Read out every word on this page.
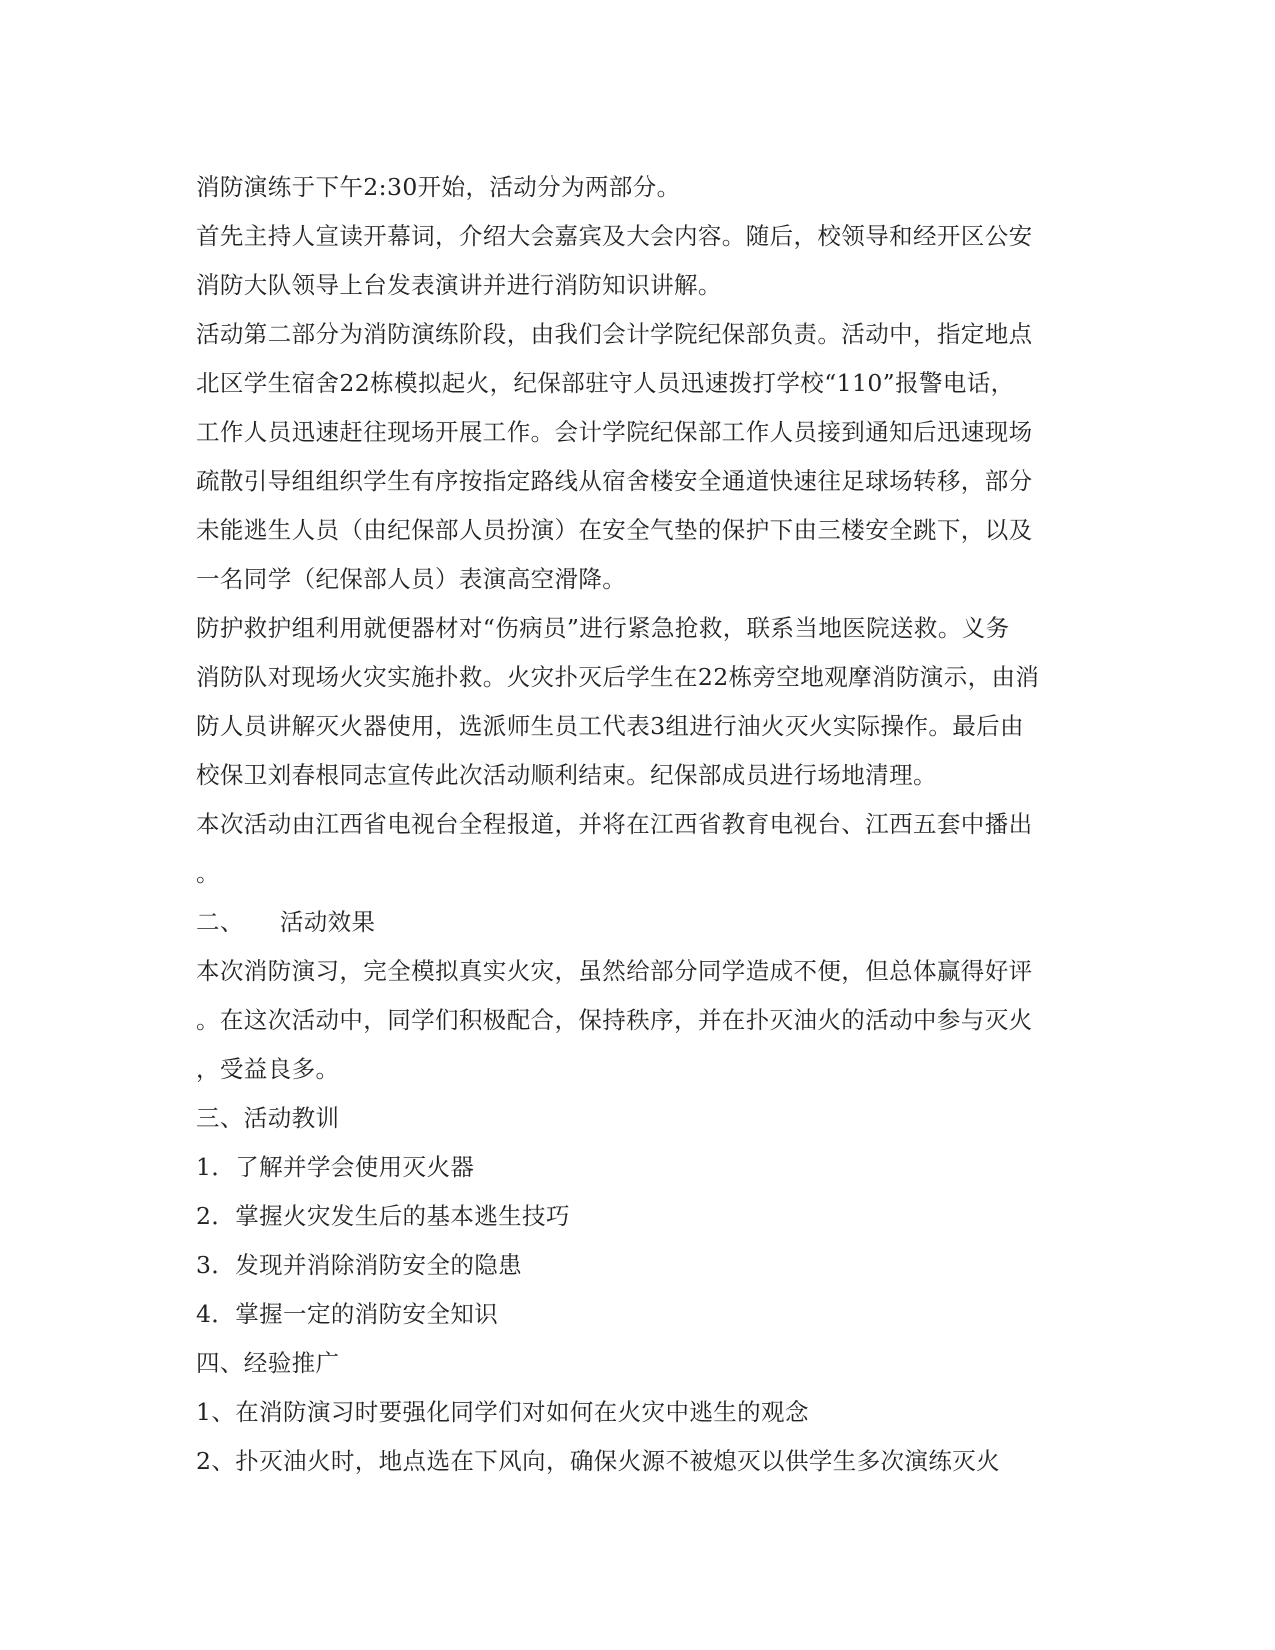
消防演练于下午2:30开始，活动分为两部分。

首先主持人宣读开幕词，介绍大会嘉宾及大会内容。随后，校领导和经开区公安
消防大队领导上台发表演讲并进行消防知识讲解。

活动第二部分为消防演练阶段，由我们会计学院纪保部负责。活动中，指定地点
北区学生宿舍22栋模拟起火，纪保部驻守人员迅速拨打学校“110”报警电话，
工作人员迅速赶往现场开展工作。会计学院纪保部工作人员接到通知后迅速现场
疏散引导组组织学生有序按指定路线从宿舍楼安全通道快速往足球场转移，部分
未能逃生人员（由纪保部人员扮演）在安全气垫的保护下由三楼安全跳下，以及
一名同学（纪保部人员）表演高空滑降。

防护救护组利用就便器材对“伤病员”进行紧急抢救，联系当地医院送救。义务
消防队对现场火灾实施扑救。火灾扑灭后学生在22栋旁空地观摩消防演示，由消
防人员讲解灭火器使用，选派师生员工代表3组进行油火灭火实际操作。最后由
校保卫刘春根同志宣传此次活动顺利结束。纪保部成员进行场地清理。

本次活动由江西省电视台全程报道，并将在江西省教育电视台、江西五套中播出
。

二、 活动效果

本次消防演习，完全模拟真实火灾，虽然给部分同学造成不便，但总体赢得好评
。在这次活动中，同学们积极配合，保持秩序，并在扑灭油火的活动中参与灭火
，受益良多。

三、活动教训

1．了解并学会使用灭火器
2．掌握火灾发生后的基本逃生技巧
3．发现并消除消防安全的隐患
4．掌握一定的消防安全知识

四、经验推广

1、在消防演习时要强化同学们对如何在火灾中逃生的观念
2、扑灭油火时，地点选在下风向，确保火源不被熄灭以供学生多次演练灭火
